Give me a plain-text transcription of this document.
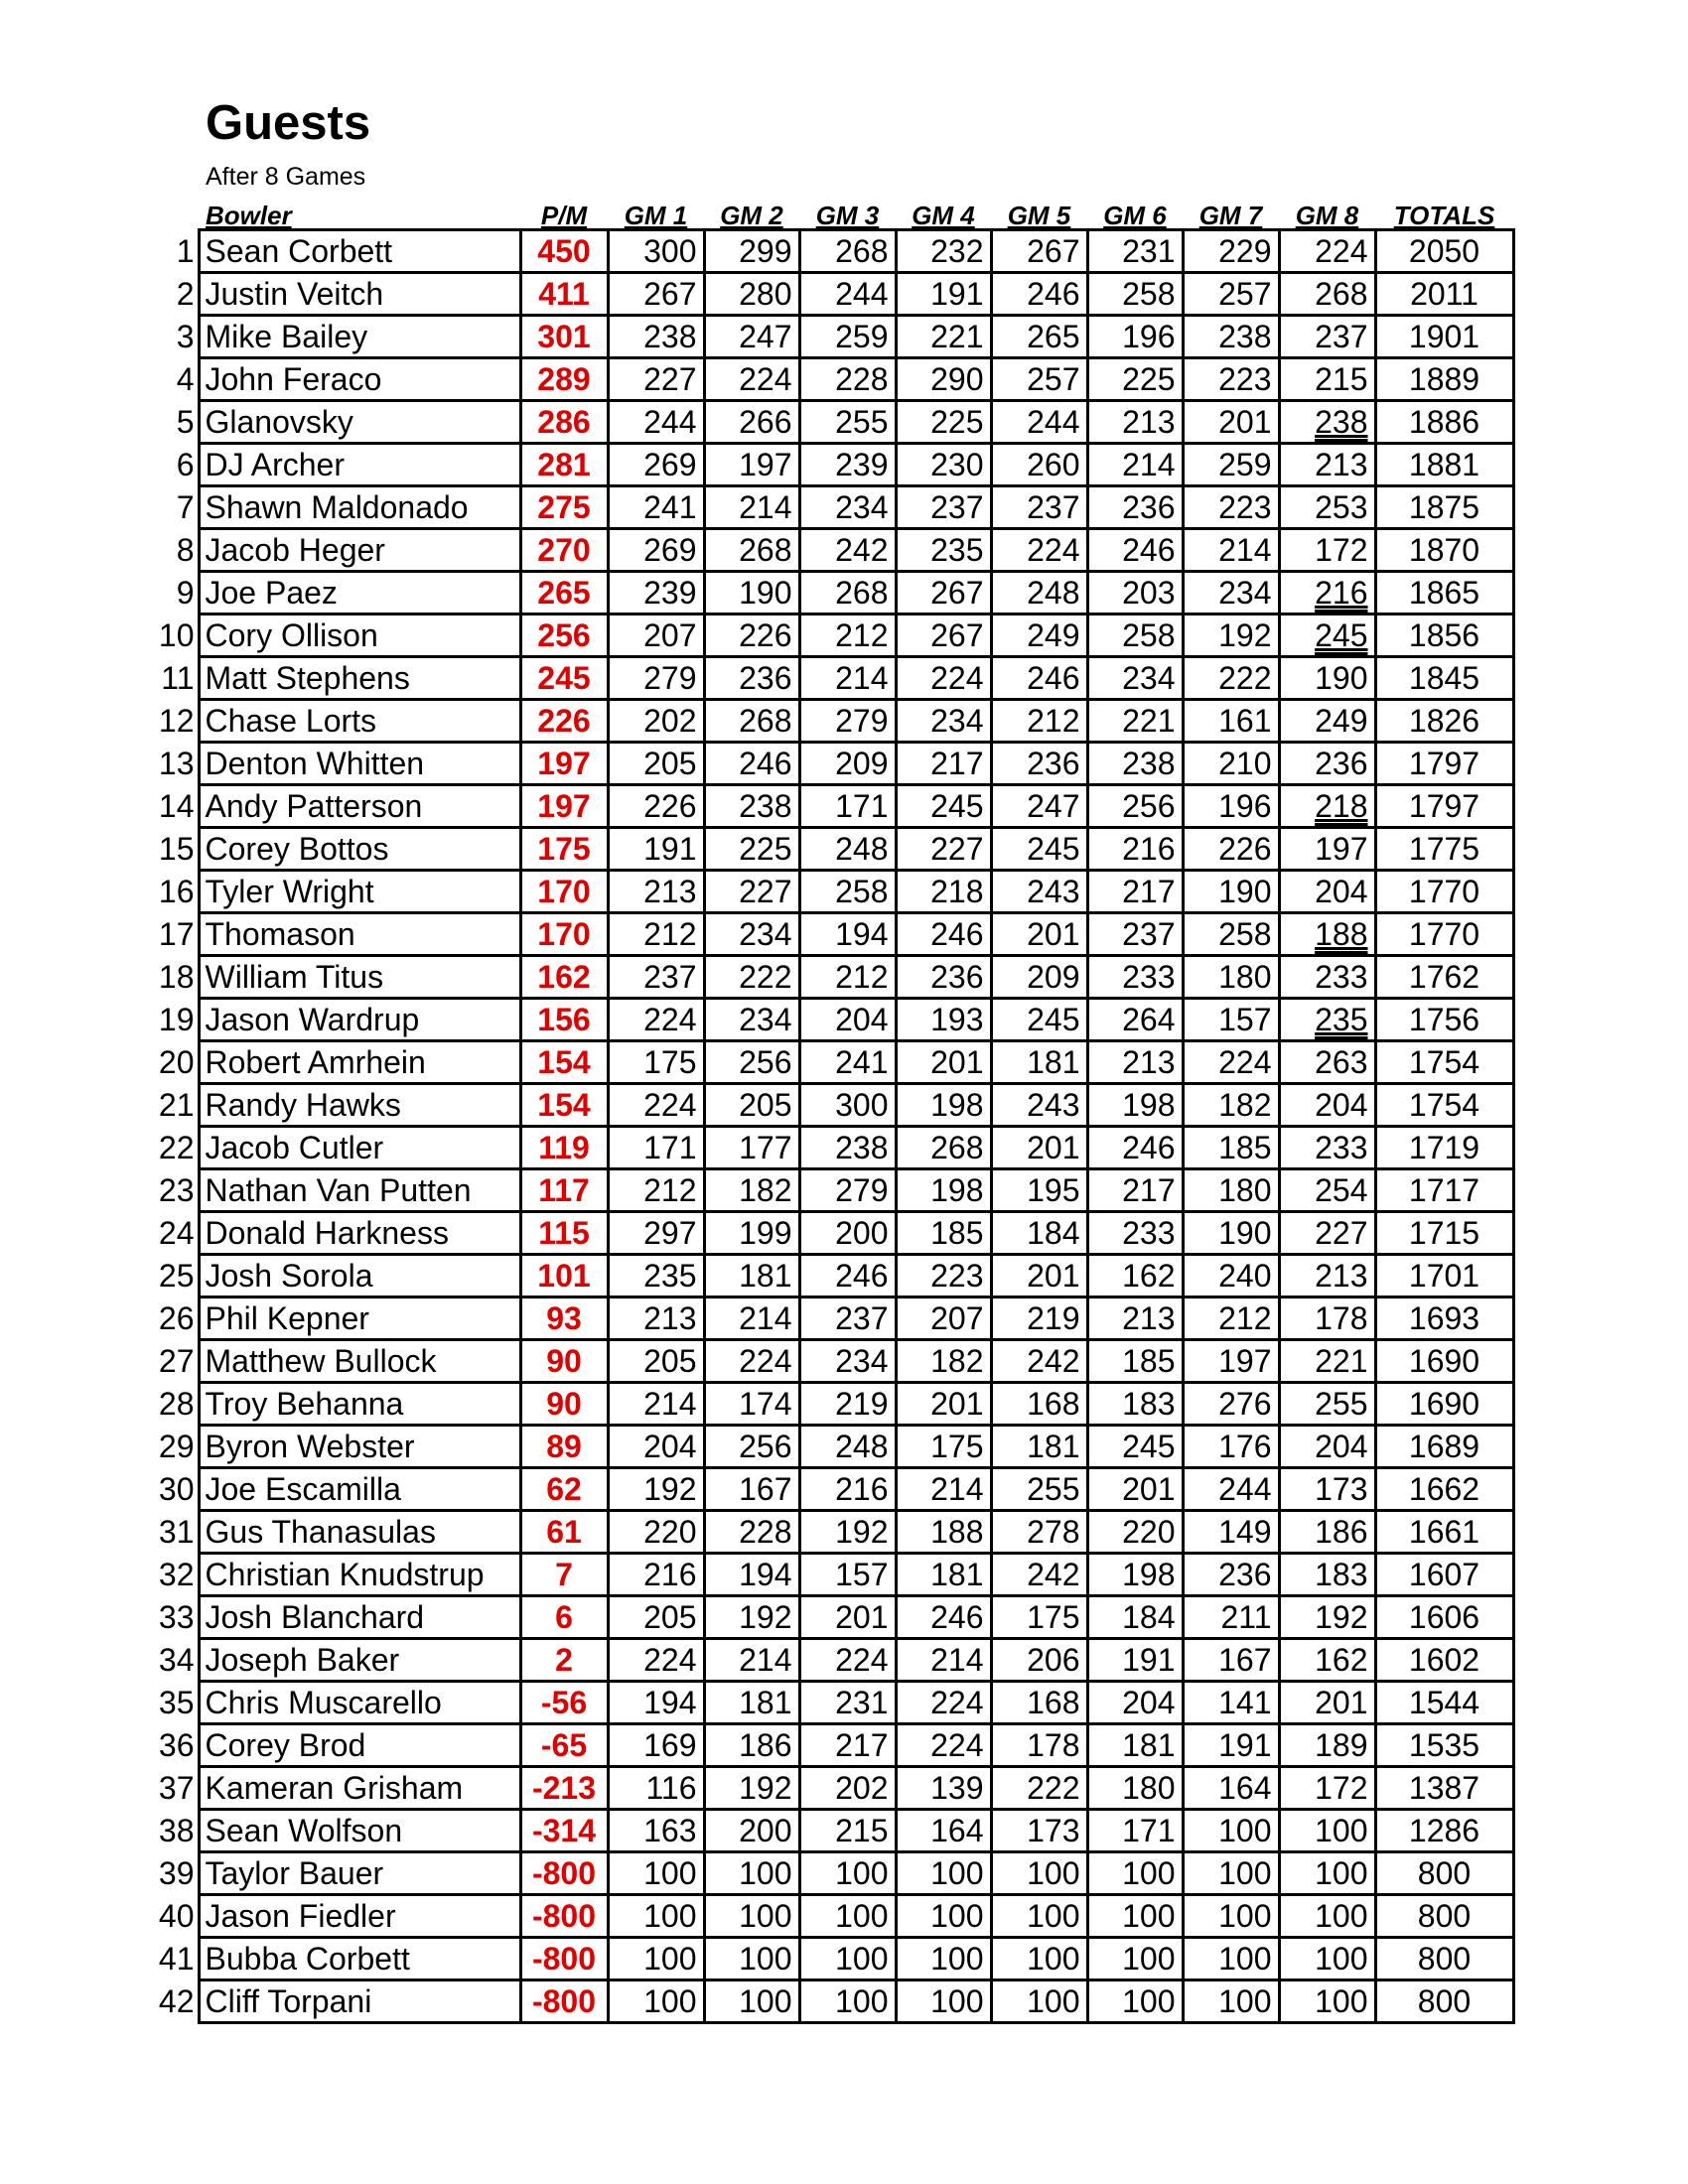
Guests
After 8 Games
Bowler		P/M	GM 1	GM 2	GM 3	GM 4	GM 5	GM 6	GM 7	GM 8	TOTALS
1	Sean Corbett	450	300	299	268	232	267	231	229	224	2050
2	Justin Veitch	411	267	280	244	191	246	258	257	268	2011
3	Mike Bailey	301	238	247	259	221	265	196	238	237	1901
4	John Feraco	289	227	224	228	290	257	225	223	215	1889
5	Glanovsky	286	244	266	255	225	244	213	201	238	1886
6	DJ Archer	281	269	197	239	230	260	214	259	213	1881
7	Shawn Maldonado	275	241	214	234	237	237	236	223	253	1875
8	Jacob Heger	270	269	268	242	235	224	246	214	172	1870
9	Joe Paez	265	239	190	268	267	248	203	234	216	1865
10	Cory Ollison	256	207	226	212	267	249	258	192	245	1856
11	Matt Stephens	245	279	236	214	224	246	234	222	190	1845
12	Chase Lorts	226	202	268	279	234	212	221	161	249	1826
13	Denton Whitten	197	205	246	209	217	236	238	210	236	1797
14	Andy Patterson	197	226	238	171	245	247	256	196	218	1797
15	Corey Bottos	175	191	225	248	227	245	216	226	197	1775
16	Tyler Wright	170	213	227	258	218	243	217	190	204	1770
17	Thomason	170	212	234	194	246	201	237	258	188	1770
18	William Titus	162	237	222	212	236	209	233	180	233	1762
19	Jason Wardrup	156	224	234	204	193	245	264	157	235	1756
20	Robert Amrhein	154	175	256	241	201	181	213	224	263	1754
21	Randy Hawks	154	224	205	300	198	243	198	182	204	1754
22	Jacob Cutler	119	171	177	238	268	201	246	185	233	1719
23	Nathan Van Putten	117	212	182	279	198	195	217	180	254	1717
24	Donald Harkness	115	297	199	200	185	184	233	190	227	1715
25	Josh Sorola	101	235	181	246	223	201	162	240	213	1701
26	Phil Kepner	93	213	214	237	207	219	213	212	178	1693
27	Matthew Bullock	90	205	224	234	182	242	185	197	221	1690
28	Troy Behanna	90	214	174	219	201	168	183	276	255	1690
29	Byron Webster	89	204	256	248	175	181	245	176	204	1689
30	Joe Escamilla	62	192	167	216	214	255	201	244	173	1662
31	Gus Thanasulas	61	220	228	192	188	278	220	149	186	1661
32	Christian Knudstrup	7	216	194	157	181	242	198	236	183	1607
33	Josh Blanchard	6	205	192	201	246	175	184	211	192	1606
34	Joseph Baker	2	224	214	224	214	206	191	167	162	1602
35	Chris Muscarello	-56	194	181	231	224	168	204	141	201	1544
36	Corey Brod	-65	169	186	217	224	178	181	191	189	1535
37	Kameran Grisham	-213	116	192	202	139	222	180	164	172	1387
38	Sean Wolfson	-314	163	200	215	164	173	171	100	100	1286
39	Taylor Bauer	-800	100	100	100	100	100	100	100	100	800
40	Jason Fiedler	-800	100	100	100	100	100	100	100	100	800
41	Bubba Corbett	-800	100	100	100	100	100	100	100	100	800
42	Cliff Torpani	-800	100	100	100	100	100	100	100	100	800
